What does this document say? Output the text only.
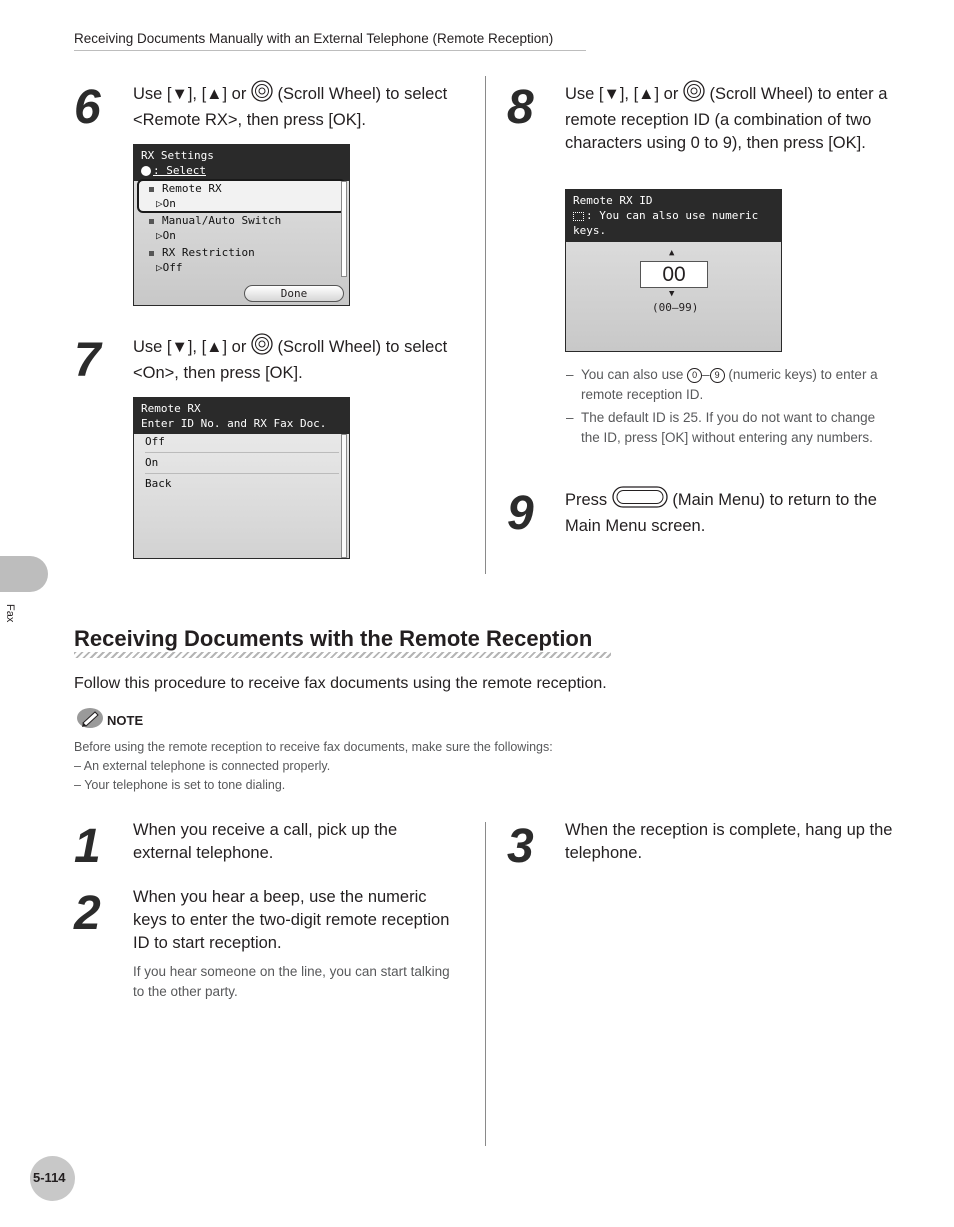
Receiving Documents Manually with an External Telephone (Remote Reception)
Fax
6 Use [▼], [▲] or  (Scroll Wheel) to select <Remote RX>, then press [OK].
RX Settings
: Select
Remote RX
▷On
Manual/Auto Switch
▷On
RX Restriction
▷Off
Done
7 Use [▼], [▲] or  (Scroll Wheel) to select <On>, then press [OK].
Remote RX
Enter ID No. and RX Fax Doc.
Off
On
Back
8 Use [▼], [▲] or  (Scroll Wheel) to enter a remote reception ID (a combination of two characters using 0 to 9), then press [OK].
Remote RX ID
: You can also use numeric keys.
▲
00
▼
(00–99)
– You can also use 0 – 9 (numeric keys) to enter a remote reception ID.
– The default ID is 25. If you do not want to change the ID, press [OK] without entering any numbers.
9 Press	(Main Menu) to return to the Main Menu screen.
Receiving Documents with the Remote Reception
Follow this procedure to receive fax documents using the remote reception.
NOTE
Before using the remote reception to receive fax documents, make sure the followings:
– An external telephone is connected properly.
– Your telephone is set to tone dialing.
1 When you receive a call, pick up the external telephone.
2 When you hear a beep, use the numeric keys to enter the two-digit remote reception ID to start reception.
If you hear someone on the line, you can start talking to the other party.
3 When the reception is complete, hang up the telephone.
5-114
